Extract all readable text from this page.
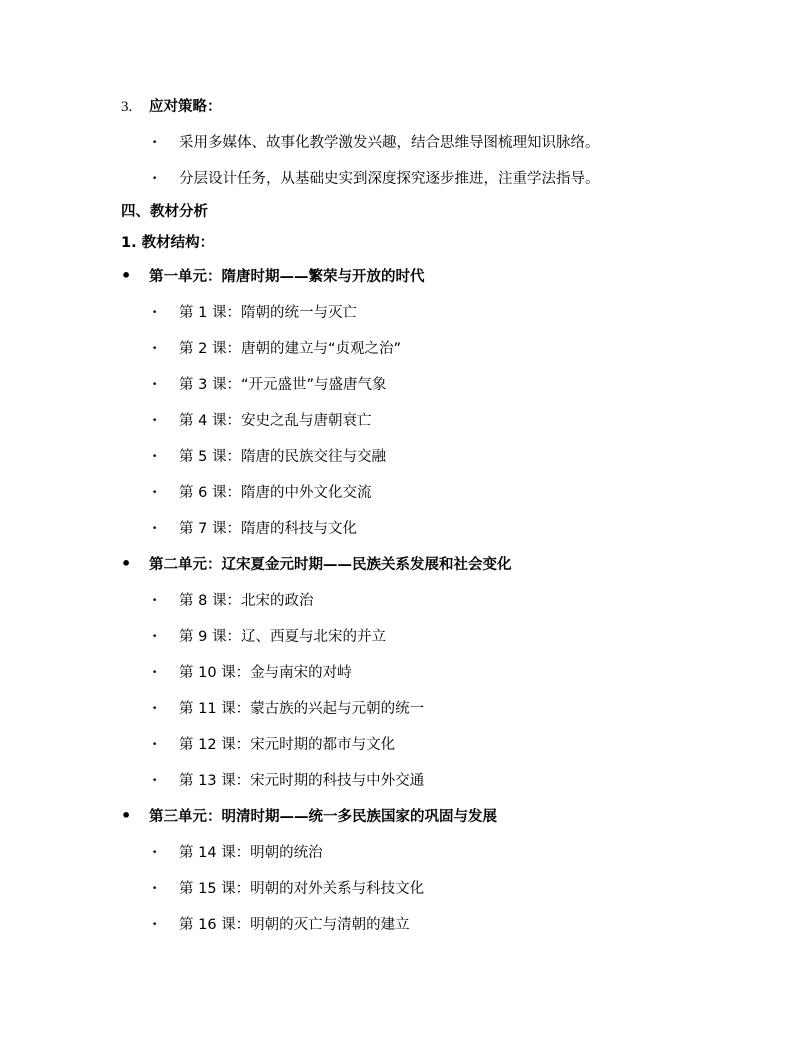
3. 应对策略：
• 采用多媒体、故事化教学激发兴趣，结合思维导图梳理知识脉络。
• 分层设计任务，从基础史实到深度探究逐步推进，注重学法指导。
四、教材分析
1. 教材结构：
• 第一单元：隋唐时期——繁荣与开放的时代
• 第 1 课：隋朝的统一与灭亡
• 第 2 课：唐朝的建立与“贞观之治”
• 第 3 课：“开元盛世”与盛唐气象
• 第 4 课：安史之乱与唐朝衰亡
• 第 5 课：隋唐的民族交往与交融
• 第 6 课：隋唐的中外文化交流
• 第 7 课：隋唐的科技与文化
• 第二单元：辽宋夏金元时期——民族关系发展和社会变化
• 第 8 课：北宋的政治
• 第 9 课：辽、西夏与北宋的并立
• 第 10 课：金与南宋的对峙
• 第 11 课：蒙古族的兴起与元朝的统一
• 第 12 课：宋元时期的都市与文化
• 第 13 课：宋元时期的科技与中外交通
• 第三单元：明清时期——统一多民族国家的巩固与发展
• 第 14 课：明朝的统治
• 第 15 课：明朝的对外关系与科技文化
• 第 16 课：明朝的灭亡与清朝的建立
